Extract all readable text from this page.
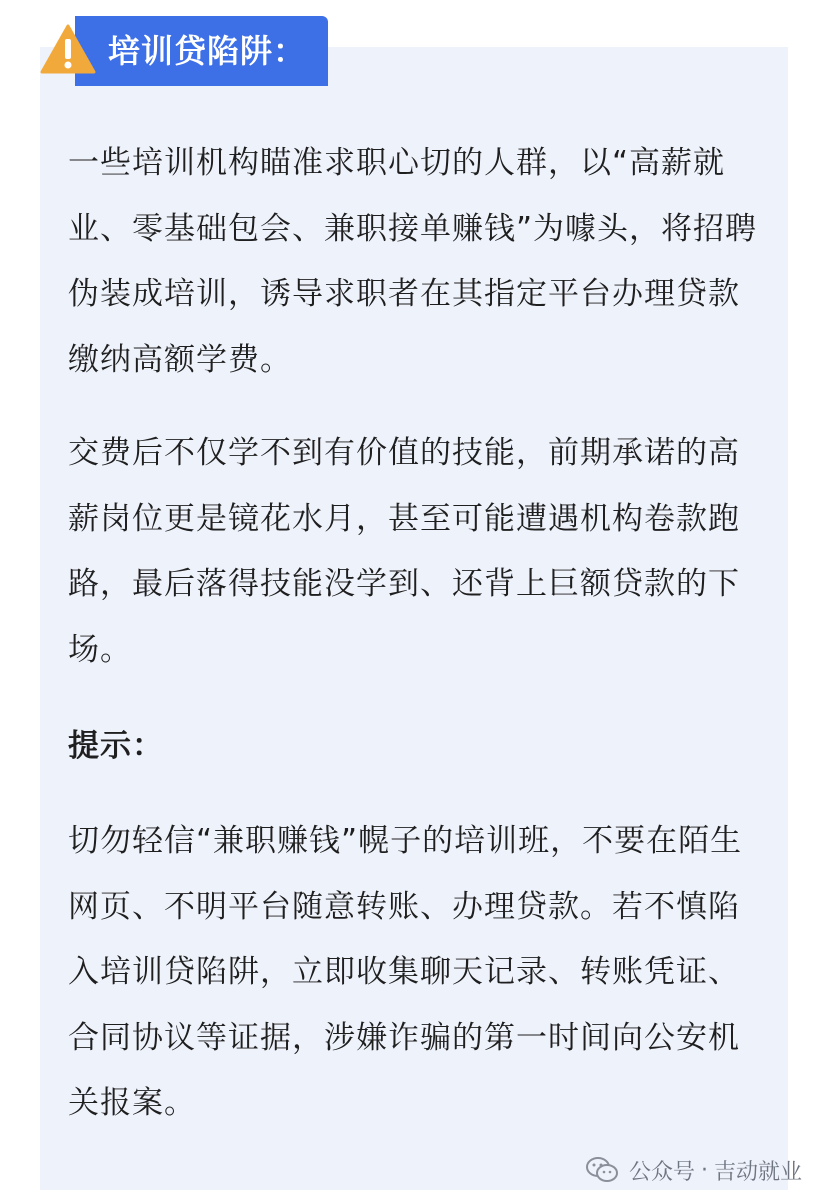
培训贷陷阱：

一些培训机构瞄准求职心切的人群，以“高薪就业、零基础包会、兼职接单赚钱”为噱头，将招聘伪装成培训，诱导求职者在其指定平台办理贷款缴纳高额学费。

交费后不仅学不到有价值的技能，前期承诺的高薪岗位更是镜花水月，甚至可能遭遇机构卷款跑路，最后落得技能没学到、还背上巨额贷款的下场。

提示：

切勿轻信“兼职赚钱”幌子的培训班，不要在陌生网页、不明平台随意转账、办理贷款。若不慎陷入培训贷陷阱，立即收集聊天记录、转账凭证、合同协议等证据，涉嫌诈骗的第一时间向公安机关报案。

公众号 · 吉动就业
